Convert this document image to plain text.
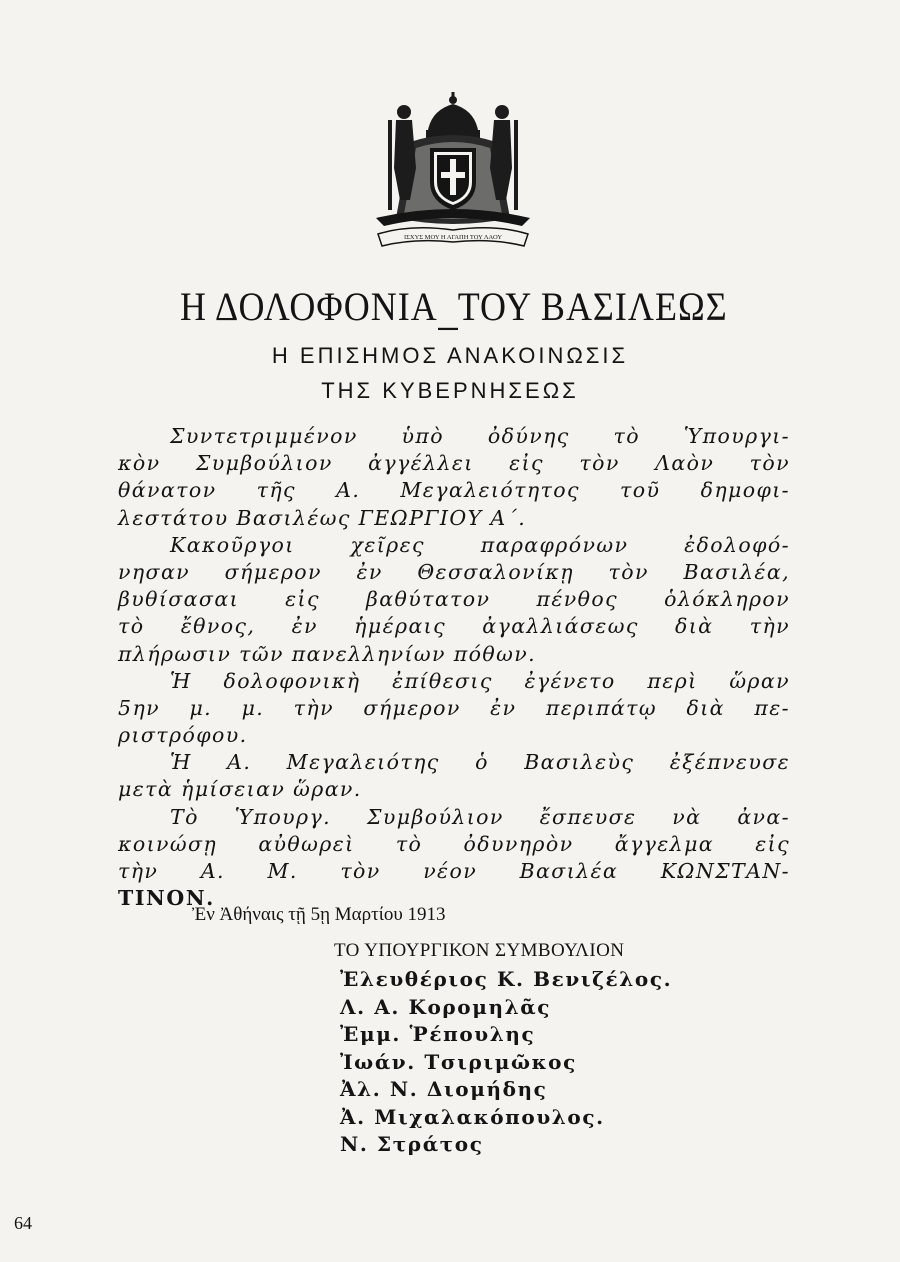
ΙΣΧΥΣ ΜΟΥ Η ΑΓΑΠΗ ΤΟΥ ΛΑΟΥ
Η ΔΟΛΟΦΟΝΙΑ ΤΟΥ ΒΑΣΙΛΕΩΣ
Η ΕΠΙΣΗΜΟΣ ΑΝΑΚΟΙΝΩΣΙΣ
ΤΗΣ ΚΥΒΕΡΝΗΣΕΩΣ
Συντετριμμένον ὑπὸ ὀδύνης τὸ Ὑπουργι-
κὸν Συμβούλιον ἀγγέλλει εἰς τὸν Λαὸν τὸν
θάνατον τῆς Α. Μεγαλειότητος τοῦ δημοφι-
λεστάτου Βασιλέως ΓΕΩΡΓΙΟΥ Α΄.
Κακοῦργοι χεῖρες παραφρόνων ἐδολοφό-
νησαν σήμερον ἐν Θεσσαλονίκῃ τὸν Βασιλέα,
βυθίσασαι εἰς βαθύτατον πένθος ὁλόκληρον
τὸ ἔθνος, ἐν ἡμέραις ἀγαλλιάσεως διὰ τὴν
πλήρωσιν τῶν πανελληνίων πόθων.
Ἡ δολοφονικὴ ἐπίθεσις ἐγένετο περὶ ὥραν
5ην μ. μ. τὴν σήμερον ἐν περιπάτῳ διὰ πε-
ριστρόφου.
Ἡ Α. Μεγαλειότης ὁ Βασιλεὺς ἐξέπνευσε
μετὰ ἡμίσειαν ὥραν.
Τὸ Ὑπουργ. Συμβούλιον ἔσπευσε νὰ ἀνα-
κοινώσῃ αὐθωρεὶ τὸ ὀδυνηρὸν ἄγγελμα εἰς
τὴν Α. Μ. τὸν νέον Βασιλέα ΚΩΝΣΤΑΝ-
ΤΙΝΟΝ.
Ἐν Ἀθήναις τῇ 5ῃ Μαρτίου 1913
ΤΟ ΥΠΟΥΡΓΙΚΟΝ ΣΥΜΒΟΥΛΙΟΝ
Ἐλευθέριος Κ. Βενιζέλος.
Λ. Α. Κορομηλᾶς
Ἐμμ. Ῥέπουλης
Ἰωάν. Τσιριμῶκος
Ἀλ. Ν. Διομήδης
Ἀ. Μιχαλακόπουλος.
Ν. Στράτος
64
